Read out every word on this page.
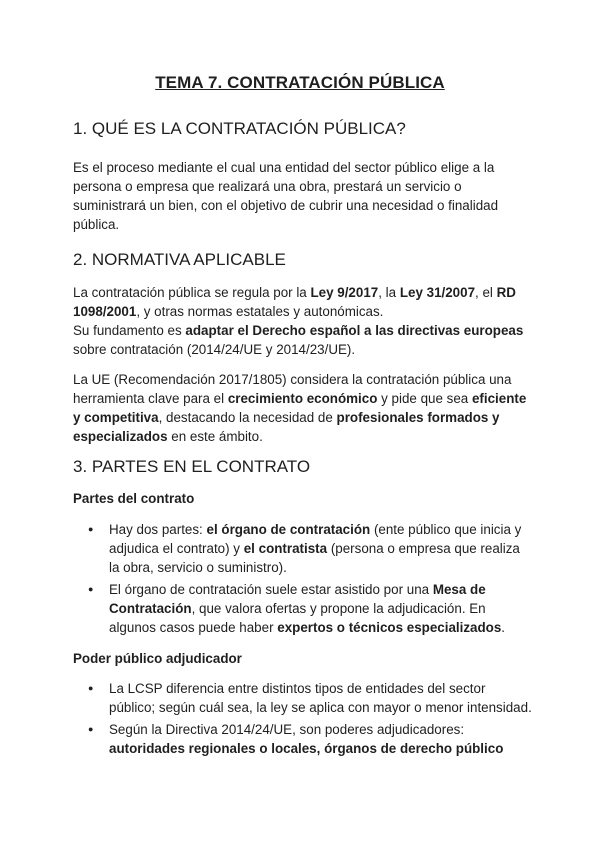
TEMA 7. CONTRATACIÓN PÚBLICA
1. QUÉ ES LA CONTRATACIÓN PÚBLICA?

Es el proceso mediante el cual una entidad del sector público elige a la persona o empresa que realizará una obra, prestará un servicio o suministrará un bien, con el objetivo de cubrir una necesidad o finalidad pública.

2. NORMATIVA APLICABLE

La contratación pública se regula por la Ley 9/2017, la Ley 31/2007, el RD 1098/2001, y otras normas estatales y autonómicas.
Su fundamento es adaptar el Derecho español a las directivas europeas sobre contratación (2014/24/UE y 2014/23/UE).

La UE (Recomendación 2017/1805) considera la contratación pública una herramienta clave para el crecimiento económico y pide que sea eficiente y competitiva, destacando la necesidad de profesionales formados y especializados en este ámbito.

3. PARTES EN EL CONTRATO
Partes del contrato
● Hay dos partes: el órgano de contratación (ente público que inicia y adjudica el contrato) y el contratista (persona o empresa que realiza la obra, servicio o suministro).
● El órgano de contratación suele estar asistido por una Mesa de Contratación, que valora ofertas y propone la adjudicación. En algunos casos puede haber expertos o técnicos especializados.
Poder público adjudicador
● La LCSP diferencia entre distintos tipos de entidades del sector público; según cuál sea, la ley se aplica con mayor o menor intensidad.
● Según la Directiva 2014/24/UE, son poderes adjudicadores: autoridades regionales o locales, órganos de derecho público
